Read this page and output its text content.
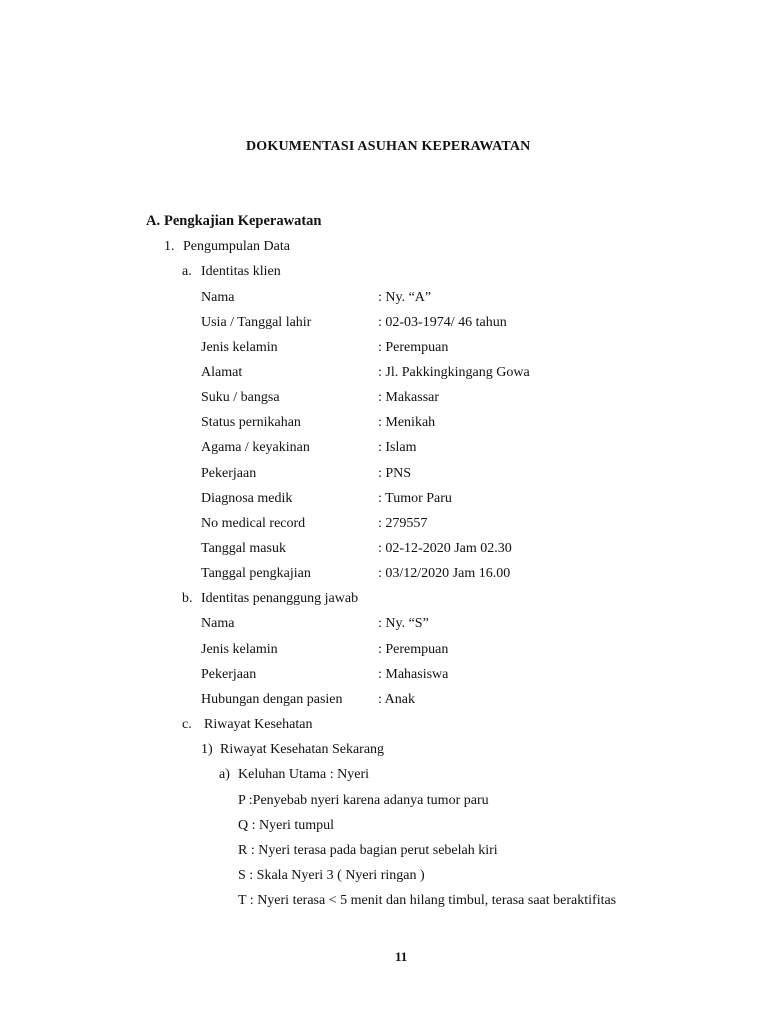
DOKUMENTASI ASUHAN KEPERAWATAN
A. Pengkajian Keperawatan
1. Pengumpulan Data
a. Identitas klien
Nama	: Ny. “A”
Usia / Tanggal lahir	: 02-03-1974/ 46 tahun
Jenis kelamin	: Perempuan
Alamat	: Jl. Pakkingkingang Gowa
Suku / bangsa	: Makassar
Status pernikahan	: Menikah
Agama / keyakinan	: Islam
Pekerjaan	: PNS
Diagnosa medik	: Tumor Paru
No medical record	: 279557
Tanggal masuk	: 02-12-2020 Jam 02.30
Tanggal pengkajian	: 03/12/2020 Jam 16.00
b. Identitas penanggung jawab
Nama	: Ny. “S”
Jenis kelamin	: Perempuan
Pekerjaan	: Mahasiswa
Hubungan dengan pasien	: Anak
c. Riwayat Kesehatan
1) Riwayat Kesehatan Sekarang
a) Keluhan Utama : Nyeri
P :Penyebab nyeri karena adanya tumor paru
Q : Nyeri tumpul
R : Nyeri terasa pada bagian perut sebelah kiri
S : Skala Nyeri 3 ( Nyeri ringan )
T : Nyeri terasa < 5 menit dan hilang timbul, terasa saat beraktifitas
11
